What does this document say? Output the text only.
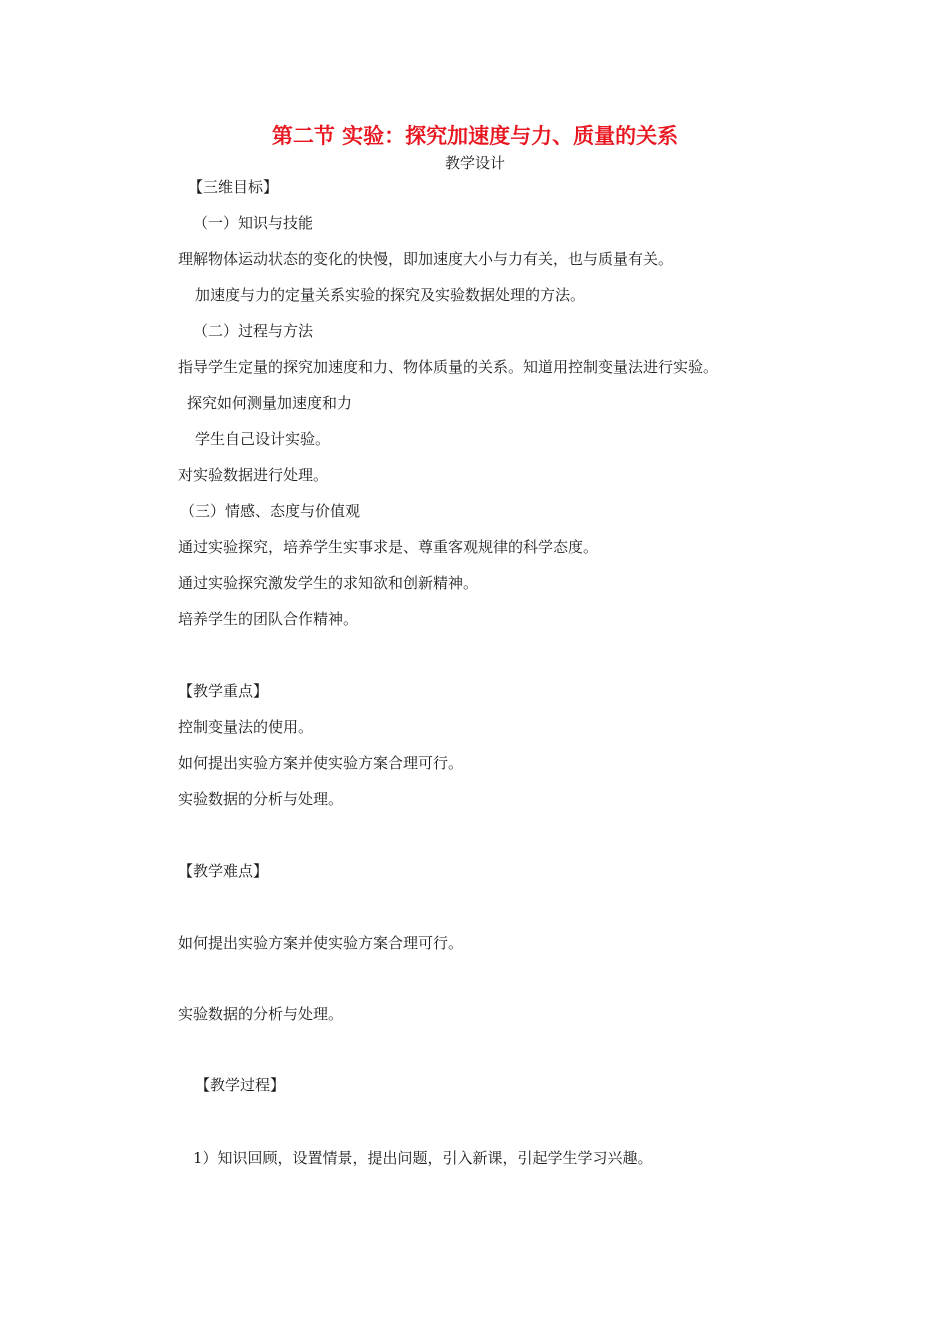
第二节 实验：探究加速度与力、质量的关系
教学设计
【三维目标】
（一）知识与技能
理解物体运动状态的变化的快慢，即加速度大小与力有关，也与质量有关。
加速度与力的定量关系实验的探究及实验数据处理的方法。
（二）过程与方法
指导学生定量的探究加速度和力、物体质量的关系。知道用控制变量法进行实验。
探究如何测量加速度和力
学生自己设计实验。
对实验数据进行处理。
（三）情感、态度与价值观
通过实验探究，培养学生实事求是、尊重客观规律的科学态度。
通过实验探究激发学生的求知欲和创新精神。
培养学生的团队合作精神。
【教学重点】
控制变量法的使用。
如何提出实验方案并使实验方案合理可行。
实验数据的分析与处理。
【教学难点】
如何提出实验方案并使实验方案合理可行。
实验数据的分析与处理。
【教学过程】
1）知识回顾，设置情景，提出问题，引入新课，引起学生学习兴趣。
